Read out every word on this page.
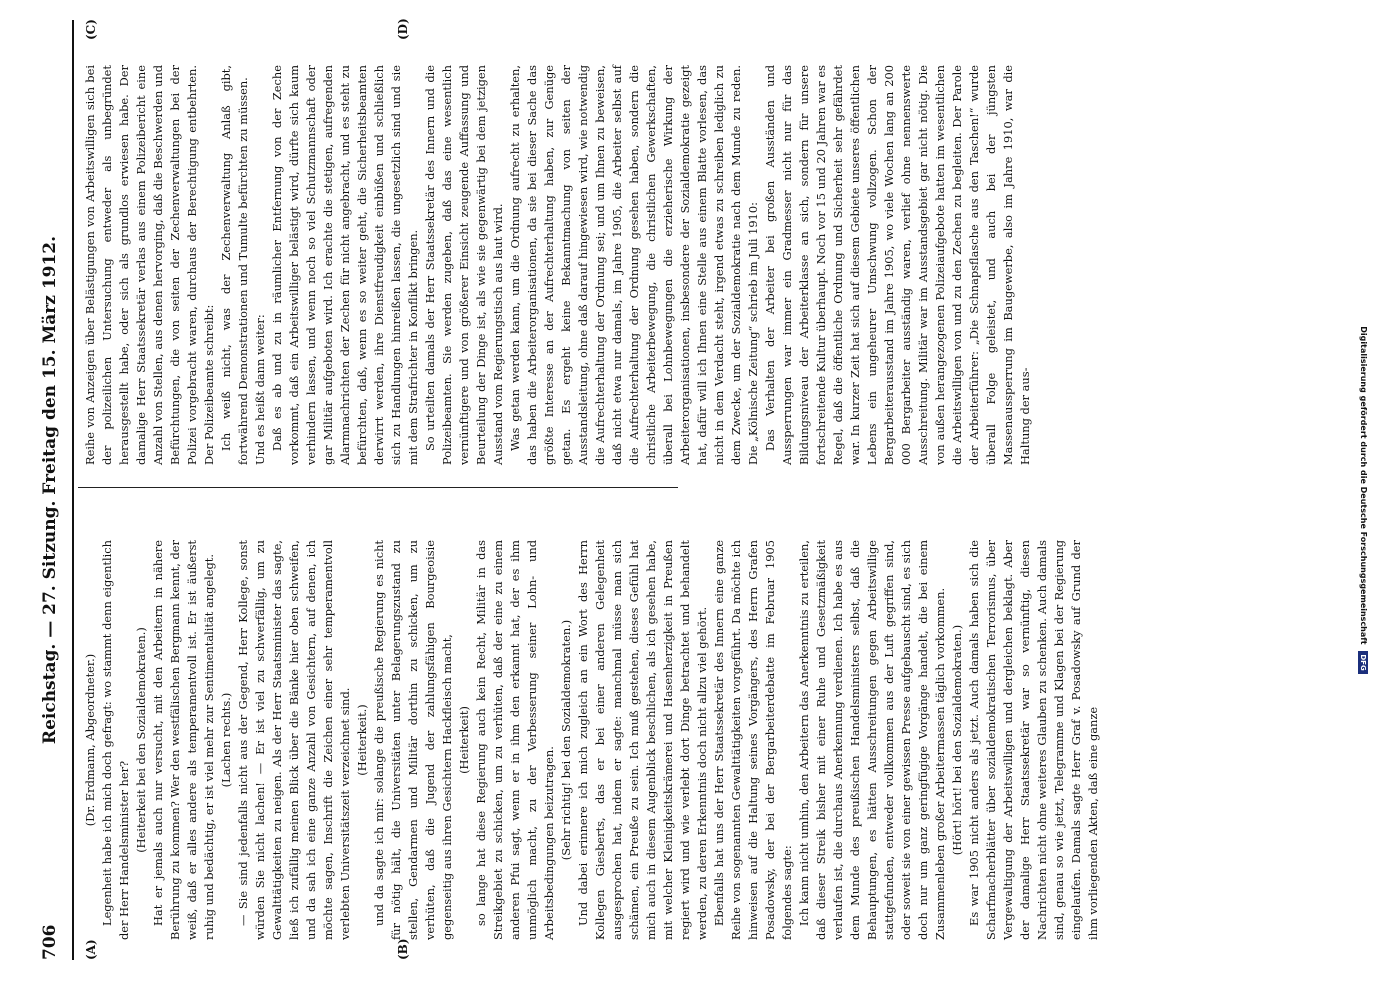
706
Reichstag. — 27. Sitzung. Freitag den 15. März 1912.
(A)	(B)
(C)	(D)

(Dr. Erdmann, Abgeordneter.) Legenheit habe ich mich doch gefragt: wo stammt denn eigentlich der Herr Handelsminister her? (Heiterkeit bei den Sozialdemokraten.) Hat er jemals auch nur versucht, mit den Arbeitern in nähere Berührung zu kommen? Wer den westfälischen Bergmann kennt, der weiß, daß er alles andere als temperamentvoll ist. Er ist äußerst ruhig und bedächtig, er ist viel mehr zur Sentimentalität angelegt. (Lachen rechts.) — Sie sind jedenfalls nicht aus der Gegend, Herr Kollege, sonst würden Sie nicht lachen! — Er ist viel zu schwerfällig, um zu Gewalttätigkeiten zu neigen. Als der Herr Staatsminister das sagte, ließ ich zufällig meinen Blick über die Bänke hier oben schweifen, und da sah ich eine ganze Anzahl von Gesichtern, auf denen, ich möchte sagen, Inschrift die Zeichen einer sehr temperamentvoll verlebten Universitätszeit verzeichnet sind. (Heiterkeit.) und da sagte ich mir: solange die preußische Regierung es nicht für nötig hält, die Universitäten unter Belagerungszustand zu stellen, Gendarmen und Militär dorthin zu schicken, um zu verhüten, daß die Jugend der zahlungsfähigen Bourgeoisie gegenseitig aus ihren Gesichtern Hackfleisch macht, (Heiterkeit) so lange hat diese Regierung auch kein Recht, Militär in das Streikgebiet zu schicken, um zu verhüten, daß der eine zu einem anderen Pfui sagt, wenn er in ihm den erkannt hat, der es ihm unmöglich macht, zu der Verbesserung seiner Lohn- und Arbeitsbedingungen beizutragen. (Sehr richtig! bei den Sozialdemokraten.) Und dabei erinnere ich mich zugleich an ein Wort des Herrn Kollegen Giesberts, das er bei einer anderen Gelegenheit ausgesprochen hat, indem er sagte: manchmal müsse man sich schämen, ein Preuße zu sein. Ich muß gestehen, dieses Gefühl hat mich auch in diesem Augenblick beschlichen, als ich gesehen habe, mit welcher Kleinigkeitskrämerei und Hasenherzigkeit in Preußen regiert wird und wie verlebt dort Dinge betrachtet und behandelt werden, zu deren Erkenntnis doch nicht allzu viel gehört. Ebenfalls hat uns der Herr Staatssekretär des Innern eine ganze Reihe von sogenannten Gewalttätigkeiten vorgeführt. Da möchte ich hinweisen auf die Haltung seines Vorgängers, des Herrn Grafen Posadowsky, der bei der Bergarbeiterdebatte im Februar 1905 folgendes sagte: Ich kann nicht umhin, den Arbeitern das Anerkenntnis zu erteilen, daß dieser Streik bisher mit einer Ruhe und Gesetzmäßigkeit verlaufen ist, die durchaus Anerkennung verdienen. Ich habe es aus dem Munde des preußischen Handelsministers selbst, daß die Behauptungen, es hätten Ausschreitungen gegen Arbeitswillige stattgefunden, entweder vollkommen aus der Luft gegriffen sind, oder soweit sie von einer gewissen Presse aufgebauscht sind, es sich doch nur um ganz geringfügige Vorgänge handelt, die bei einem Zusammenleben großer Arbeitermassen täglich vorkommen. (Hört! hört! bei den Sozialdemokraten.) Es war 1905 nicht anders als jetzt. Auch damals haben sich die Scharfmacherblätter über sozialdemokratischen Terrorismus, über Vergewaltigung der Arbeitswilligen und dergleichen beklagt. Aber der damalige Herr Staatssekretär war so vernünftig, diesen Nachrichten nicht ohne weiteres Glauben zu schenken. Auch damals sind, genau so wie jetzt, Telegramme und Klagen bei der Regierung eingelaufen. Damals sagte Herr Graf v. Posadowsky auf Grund der ihm vorliegenden Akten, daß eine ganze

Reihe von Anzeigen über Belästigungen von Arbeitswilligen sich bei der polizeilichen Untersuchung entweder als unbegründet herausgestellt habe, oder sich als grundlos erwiesen habe. Der damalige Herr Staatssekretär verlas aus einem Polizeibericht eine Anzahl von Stellen, aus denen hervorging, daß die Beschwerden und Befürchtungen, die von seiten der Zechenverwaltungen bei der Polizei vorgebracht waren, durchaus der Berechtigung entbehrten. Der Polizeibeamte schreibt: Ich weiß nicht, was der Zechenverwaltung Anlaß gibt, fortwährend Demonstrationen und Tumulte befürchten zu müssen. Und es heißt dann weiter: Daß es ab und zu in räumlicher Entfernung von der Zeche vorkommt, daß ein Arbeitswilliger belästigt wird, dürfte sich kaum verhindern lassen, und wenn noch so viel Schutzmannschaft oder gar Militär aufgeboten wird. Ich erachte die stetigen, aufregenden Alarmnachrichten der Zechen für nicht angebracht, und es steht zu befürchten, daß, wenn es so weiter geht, die Sicherheitsbeamten derwirrt werden, ihre Dienstfreudigkeit einbüßen und schließlich sich zu Handlungen hinreißen lassen, die ungesetzlich sind und sie mit dem Strafrichter in Konflikt bringen. So urteilten damals der Herr Staatssekretär des Innern und die Polizeibeamten. Sie werden zugeben, daß das eine wesentlich vernünftigere und von größerer Einsicht zeugende Auffassung und Beurteilung der Dinge ist, als wie sie gegenwärtig bei dem jetzigen Ausstand vom Regierungstisch aus laut wird. Was getan werden kann, um die Ordnung aufrecht zu erhalten, das haben die Arbeiterorganisationen, da sie bei dieser Sache das größte Interesse an der Aufrechterhaltung haben, zur Genüge getan. Es ergeht keine Bekanntmachung von seiten der Ausstandsleitung, ohne daß darauf hingewiesen wird, wie notwendig die Aufrechterhaltung der Ordnung sei; und um Ihnen zu beweisen, daß nicht etwa nur damals, im Jahre 1905, die Arbeiter selbst auf die Aufrechterhaltung der Ordnung gesehen haben, sondern die christliche Arbeiterbewegung, die christlichen Gewerkschaften, überall bei Lohnbewegungen die erzieherische Wirkung der Arbeiterorganisationen, insbesondere der Sozialdemokratie gezeigt hat, dafür will ich Ihnen eine Stelle aus einem Blatte vorlesen, das nicht in dem Verdacht steht, irgend etwas zu schreiben lediglich zu dem Zwecke, um der Sozialdemokratie nach dem Munde zu reden. Die „Kölnische Zeitung“ schrieb im Juli 1910: Das Verhalten der Arbeiter bei großen Ausständen und Aussperrungen war immer ein Gradmesser nicht nur für das Bildungsniveau der Arbeiterklasse an sich, sondern für unsere fortschreitende Kultur überhaupt. Noch vor 15 und 20 Jahren war es Regel, daß die öffentliche Ordnung und Sicherheit sehr gefährdet war. In kurzer Zeit hat sich auf diesem Gebiete unseres öffentlichen Lebens ein ungeheurer Umschwung vollzogen. Schon der Bergarbeiterausstand im Jahre 1905, wo viele Wochen lang an 200 000 Bergarbeiter ausständig waren, verlief ohne nennenswerte Ausschreitung. Militär war im Ausstandsgebiet gar nicht nötig. Die von außen herangezogenen Polizeiaufgebote hatten im wesentlichen die Arbeitswilligen von und zu den Zechen zu begleiten. Der Parole der Arbeiterführer: „Die Schnapsflasche aus den Taschen!“ wurde überall Folge geleistet, und auch bei der jüngsten Massenaussperrung im Baugewerbe, also im Jahre 1910, war die Haltung der aus-	Digitalisierung gefördert durch die Deutsche Forschungsgemeinschaft DFG
